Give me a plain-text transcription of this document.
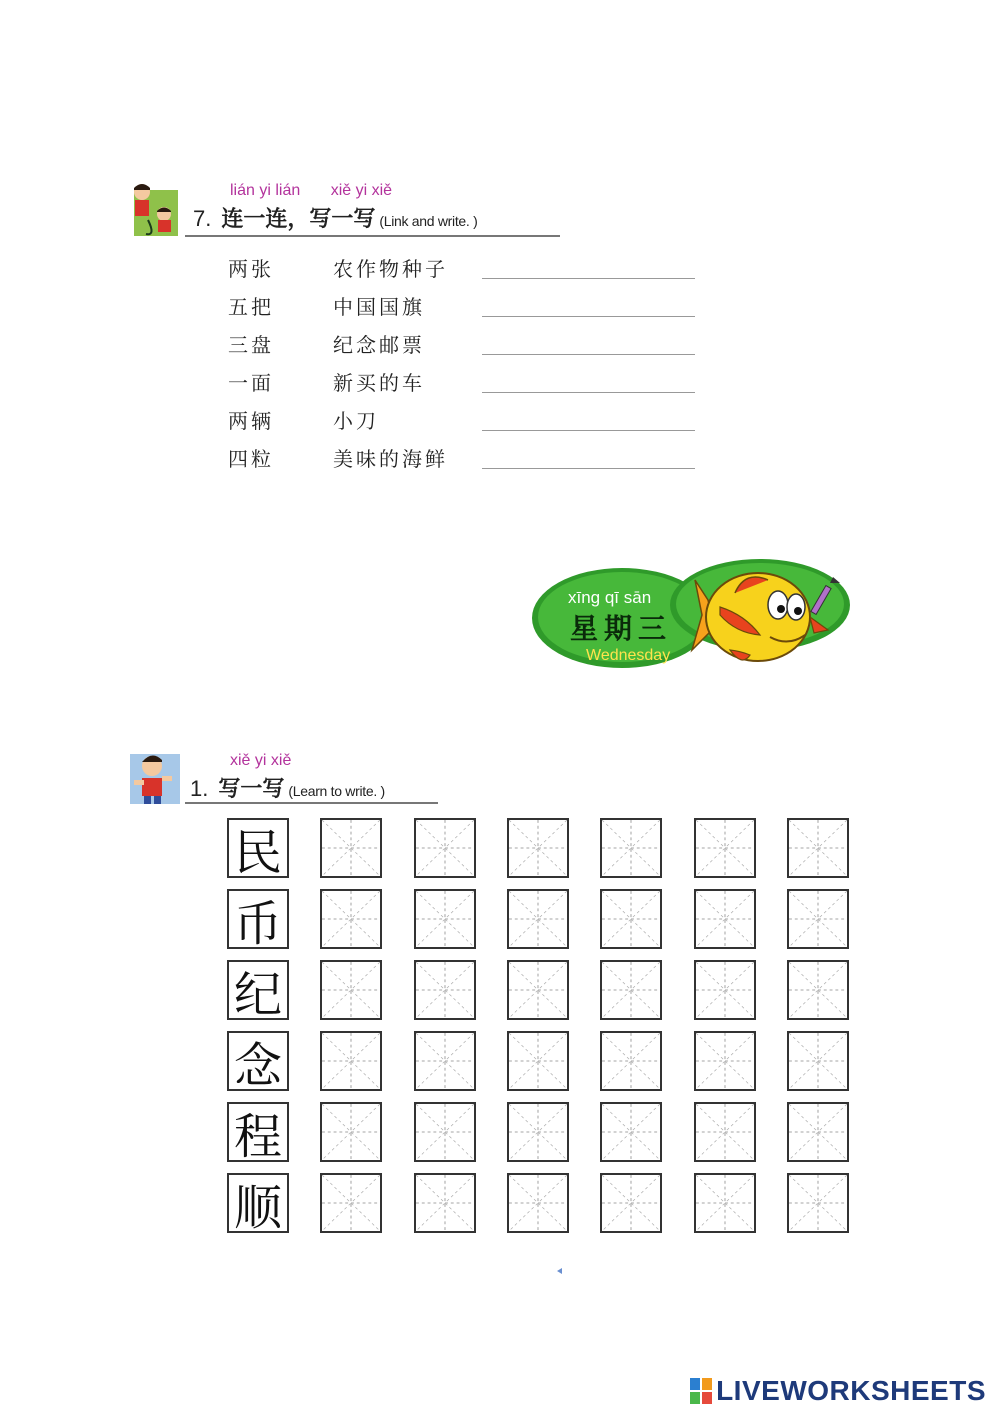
lián yi lián xiě yi xiě
7. 连一连，写一写 (Link and write. )
两张	农作物种子
五把	中国国旗
三盘	纪念邮票
一面	新买的车
两辆	小刀
四粒	美味的海鲜
xīng qī sān
星期三
Wednesday
xiě yi xiě
1. 写一写 (Learn to write. )
民
币
纪
念
程
顺
LIVEWORKSHEETS
